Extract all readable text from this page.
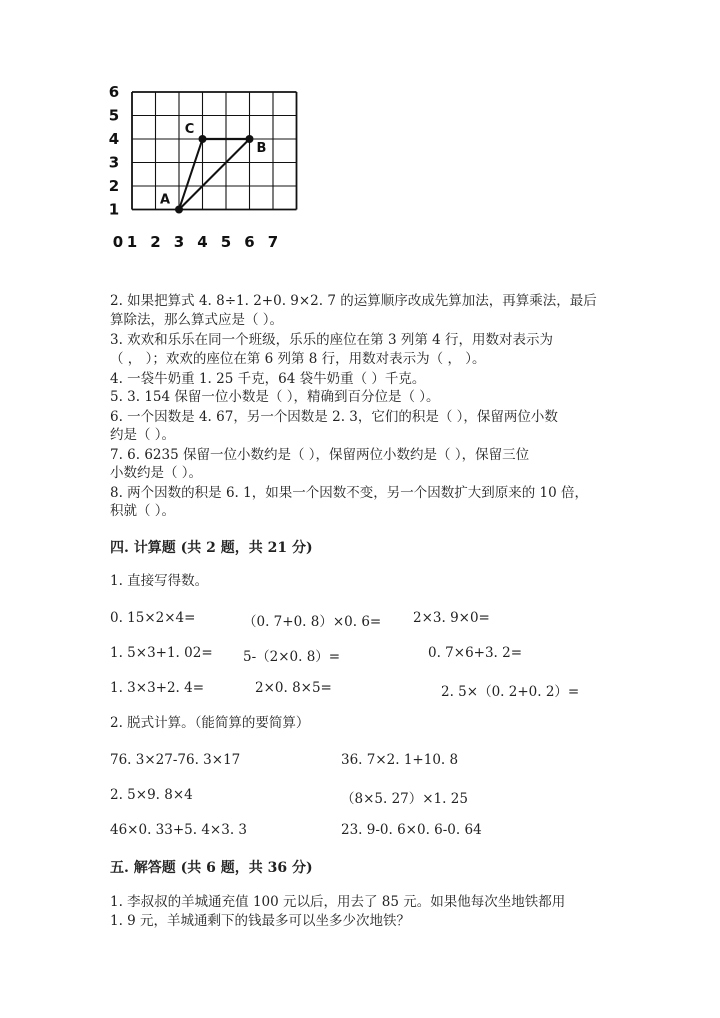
6
5
4
3
2
1
0 1 2 3 4 5 6 7
A
C
B
2. 如果把算式 4. 8÷1. 2+0. 9×2. 7 的运算顺序改成先算加法，再算乘法，最后
算除法，那么算式应是（ ）。
3. 欢欢和乐乐在同一个班级，乐乐的座位在第 3 列第 4 行，用数对表示为
（ ， ）；欢欢的座位在第 6 列第 8 行，用数对表示为（ ， ）。
4. 一袋牛奶重 1. 25 千克，64 袋牛奶重（ ）千克。
5. 3. 154 保留一位小数是（ ），精确到百分位是（ ）。
6. 一个因数是 4. 67，另一个因数是 2. 3，它们的积是（ ），保留两位小数
约是（ ）。
7. 6. 6235 保留一位小数约是（ ），保留两位小数约是（ ），保留三位
小数约是（ ）。
8. 两个因数的积是 6. 1，如果一个因数不变，另一个因数扩大到原来的 10 倍，
积就（ ）。
四. 计算题 (共 2 题，共 21 分)
1. 直接写得数。
0. 15×2×4=	（0. 7+0. 8）×0. 6= 2×3. 9×0=
1. 5×3+1. 02= 5-（2×0. 8）=	0. 7×6+3. 2=
1. 3×3+2. 4=	2×0. 8×5=	2. 5×（0. 2+0. 2）=
2. 脱式计算。（能简算的要简算）
76. 3×27-76. 3×17	36. 7×2. 1+10. 8
2. 5×9. 8×4	（8×5. 27）×1. 25
46×0. 33+5. 4×3. 3	23. 9-0. 6×0. 6-0. 64
五. 解答题 (共 6 题，共 36 分)
1. 李叔叔的羊城通充值 100 元以后，用去了 85 元。如果他每次坐地铁都用
1. 9 元，羊城通剩下的钱最多可以坐多少次地铁？
